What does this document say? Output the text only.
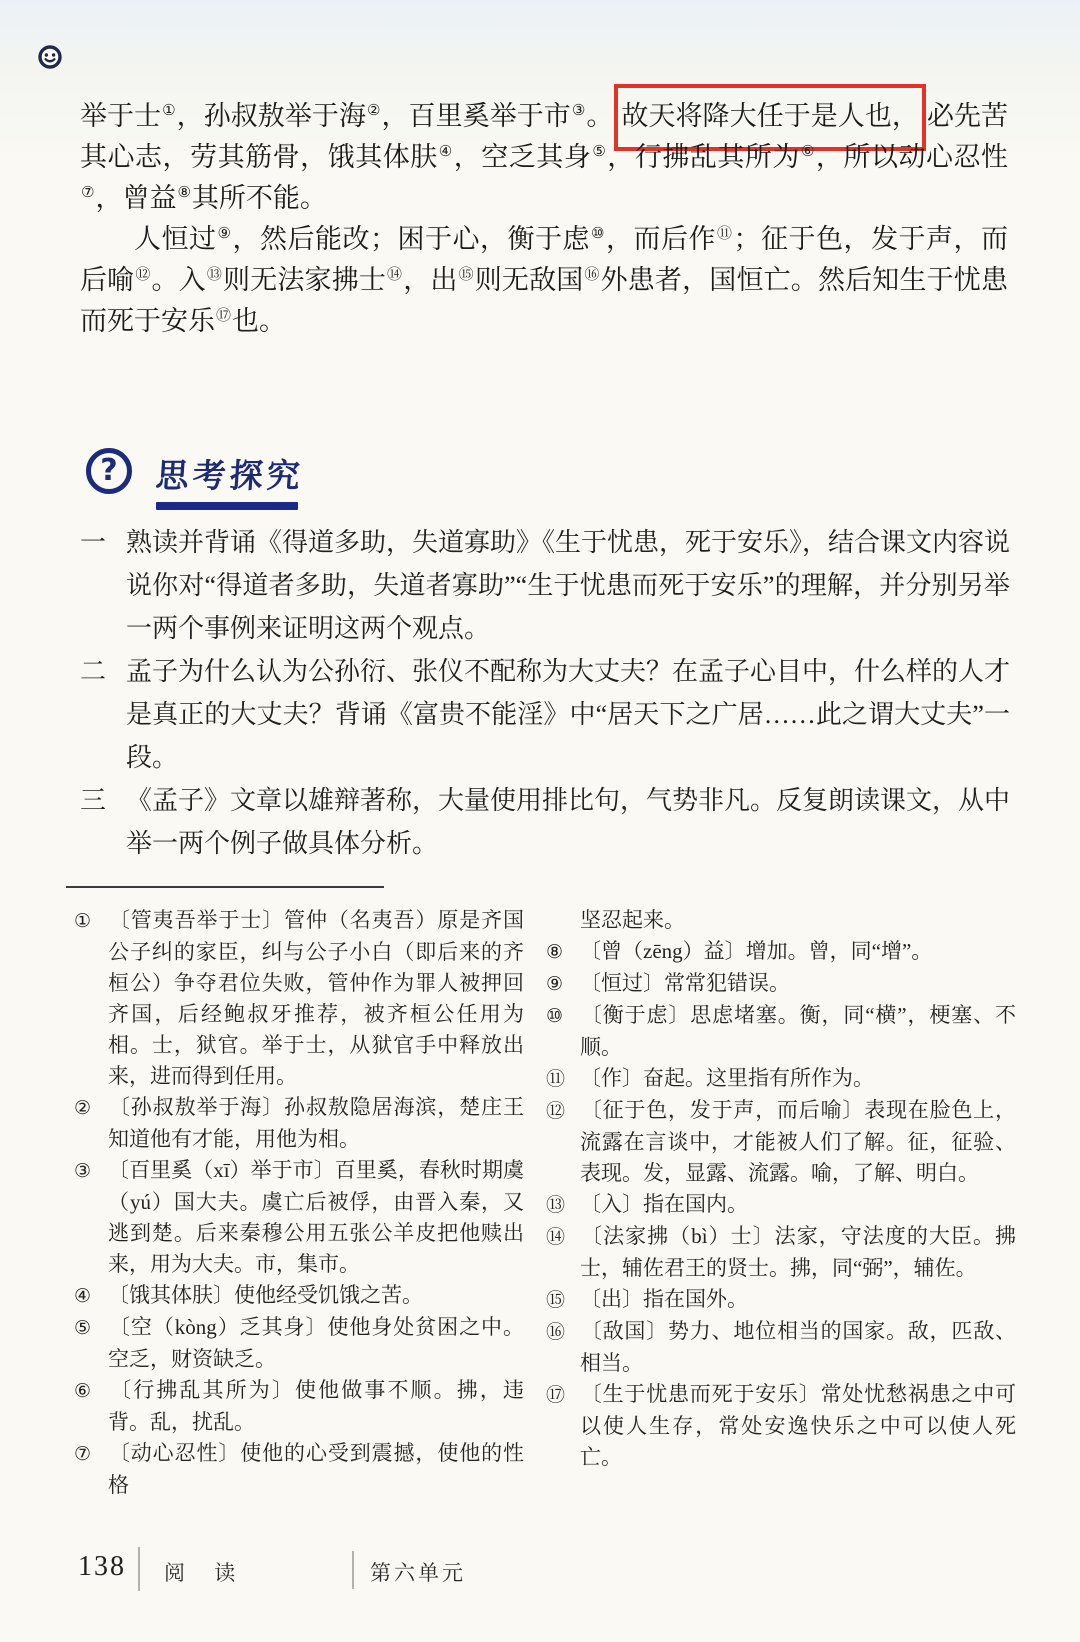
举于士①，孙叔敖举于海②，百里奚举于市③。 故天将降大任于是人也， 必先苦其心志，劳其筋骨，饿其体肤④，空乏其身⑤，行拂乱其所为⑥，所以动心忍性⑦，曾益⑧其所不能。

人恒过⑨，然后能改；困于心，衡于虑⑩，而后作⑪；征于色，发于声，而后喻⑫。入⑬则无法家拂士⑭，出⑮则无敌国⑯外患者，国恒亡。然后知生于忧患而死于安乐⑰也。

? 思考探究
一 熟读并背诵《得道多助，失道寡助》《生于忧患，死于安乐》，结合课文内容说说你对“得道者多助，失道者寡助”“生于忧患而死于安乐”的理解，并分别另举一两个事例来证明这两个观点。
二 孟子为什么认为公孙衍、张仪不配称为大丈夫？在孟子心目中，什么样的人才是真正的大丈夫？背诵《富贵不能淫》中“居天下之广居……此之谓大丈夫”一段。
三 《孟子》文章以雄辩著称，大量使用排比句，气势非凡。反复朗读课文，从中举一两个例子做具体分析。
① 〔管夷吾举于士〕管仲（名夷吾）原是齐国公子纠的家臣，纠与公子小白（即后来的齐桓公）争夺君位失败，管仲作为罪人被押回齐国，后经鲍叔牙推荐，被齐桓公任用为相。士，狱官。举于士，从狱官手中释放出来，进而得到任用。
② 〔孙叔敖举于海〕孙叔敖隐居海滨，楚庄王知道他有才能，用他为相。
③ 〔百里奚（xī）举于市〕百里奚，春秋时期虞（yú）国大夫。虞亡后被俘，由晋入秦，又逃到楚。后来秦穆公用五张公羊皮把他赎出来，用为大夫。市，集市。
④ 〔饿其体肤〕使他经受饥饿之苦。
⑤ 〔空（kòng）乏其身〕使他身处贫困之中。空乏，财资缺乏。
⑥ 〔行拂乱其所为〕使他做事不顺。拂，违背。乱，扰乱。
⑦ 〔动心忍性〕使他的心受到震撼，使他的性格
坚忍起来。
⑧ 〔曾（zēng）益〕增加。曾，同“增”。
⑨ 〔恒过〕常常犯错误。
⑩ 〔衡于虑〕思虑堵塞。衡，同“横”，梗塞、不顺。
⑪ 〔作〕奋起。这里指有所作为。
⑫ 〔征于色，发于声，而后喻〕表现在脸色上，流露在言谈中，才能被人们了解。征，征验、表现。发，显露、流露。喻，了解、明白。
⑬ 〔入〕指在国内。
⑭ 〔法家拂（bì）士〕法家，守法度的大臣。拂士，辅佐君王的贤士。拂，同“弼”，辅佐。
⑮ 〔出〕指在国外。
⑯ 〔敌国〕势力、地位相当的国家。敌，匹敌、相当。
⑰ 〔生于忧患而死于安乐〕常处忧愁祸患之中可以使人生存，常处安逸快乐之中可以使人死亡。
138 阅 读	第六单元
